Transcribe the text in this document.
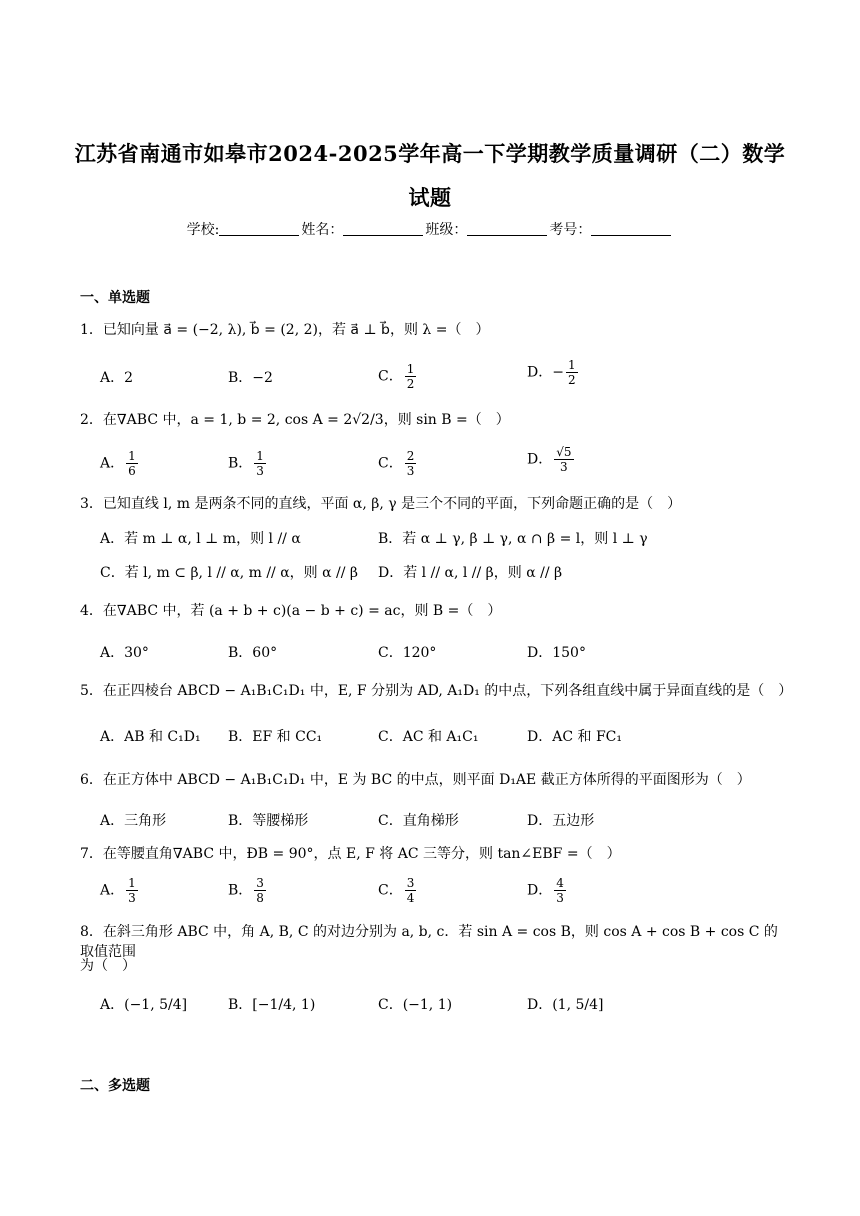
江苏省南通市如皋市2024-2025学年高一下学期教学质量调研（二）数学
试题
学校:	姓名：	班级：	考号：
一、单选题
1．已知向量 a⃗ = (−2, λ), b⃗ = (2, 2)，若 a⃗ ⊥ b⃗，则 λ =（　）
A．2	B．−2	C． $\frac{1}{2}$	D．− $\frac{1}{2}$
2．在∇ABC 中，a = 1, b = 2, cos A = 2√2/3，则 sin B =（　）
A． $\frac{1}{6}$	B． $\frac{1}{3}$	C． $\frac{2}{3}$	D． $\frac{√5}{3}$
3．已知直线 l, m 是两条不同的直线，平面 α, β, γ 是三个不同的平面，下列命题正确的是（　）
A．若 m ⊥ α, l ⊥ m，则 l // α	B．若 α ⊥ γ, β ⊥ γ, α ∩ β = l，则 l ⊥ γ
C．若 l, m ⊂ β, l // α, m // α，则 α // β D．若 l // α, l // β，则 α // β
4．在∇ABC 中，若 (a + b + c)(a − b + c) = ac，则 B =（　）
A．30°	B．60°	C．120°	D．150°
5．在正四棱台 ABCD − A₁B₁C₁D₁ 中，E, F 分别为 AD, A₁D₁ 的中点，下列各组直线中属于异面直线的是（　）
A．AB 和 C₁D₁ B．EF 和 CC₁	C．AC 和 A₁C₁	D．AC 和 FC₁
6．在正方体中 ABCD − A₁B₁C₁D₁ 中，E 为 BC 的中点，则平面 D₁AE 截正方体所得的平面图形为（　）
A．三角形	B．等腰梯形	C．直角梯形	D．五边形
7．在等腰直角∇ABC 中，ÐB = 90°，点 E, F 将 AC 三等分，则 tan∠EBF =（　）
A． $\frac{1}{3}$	B． $\frac{3}{8}$	C． $\frac{3}{4}$	D． $\frac{4}{3}$
8．在斜三角形 ABC 中，角 A, B, C 的对边分别为 a, b, c．若 sin A = cos B，则 cos A + cos B + cos C 的取值范围
为（　）
A．(−1, 5/4]	B．[−1/4, 1)	C．(−1, 1)	D．(1, 5/4]
二、多选题
